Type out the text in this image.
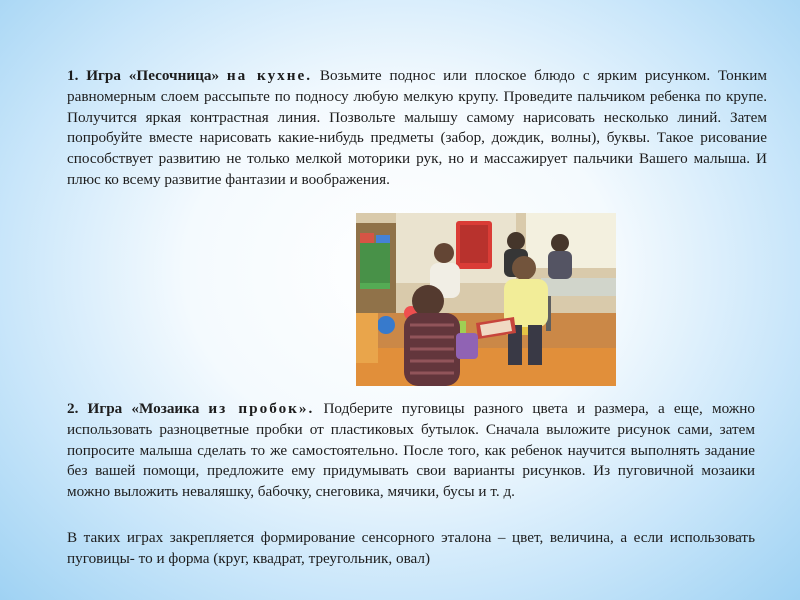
1. Игра «Песочница» на кухне. Возьмите поднос или плоское блюдо с ярким рисунком. Тонким равномерным слоем рассыпьте по подносу любую мелкую крупу. Проведите пальчиком ребенка по крупе. Получится яркая контрастная линия. Позвольте малышу самому нарисовать несколько линий. Затем попробуйте вместе нарисовать какие-нибудь предметы (забор, дождик, волны), буквы. Такое рисование способствует развитию не только мелкой моторики рук, но и массажирует пальчики Вашего малыша. И плюс ко всему развитие фантазии и воображения.

2. Игра «Мозаика из пробок». Подберите пуговицы разного цвета и размера, а еще, можно использовать разноцветные пробки от пластиковых бутылок. Сначала выложите рисунок сами, затем попросите малыша сделать то же самостоятельно. После того, как ребенок научится выполнять задание без вашей помощи, предложите ему придумывать свои варианты рисунков. Из пуговичной мозаики можно выложить неваляшку, бабочку, снеговика, мячики, бусы и т. д.

В таких играх закрепляется формирование сенсорного эталона – цвет, величина, а если использовать пуговицы- то и форма (круг, квадрат, треугольник, овал)
